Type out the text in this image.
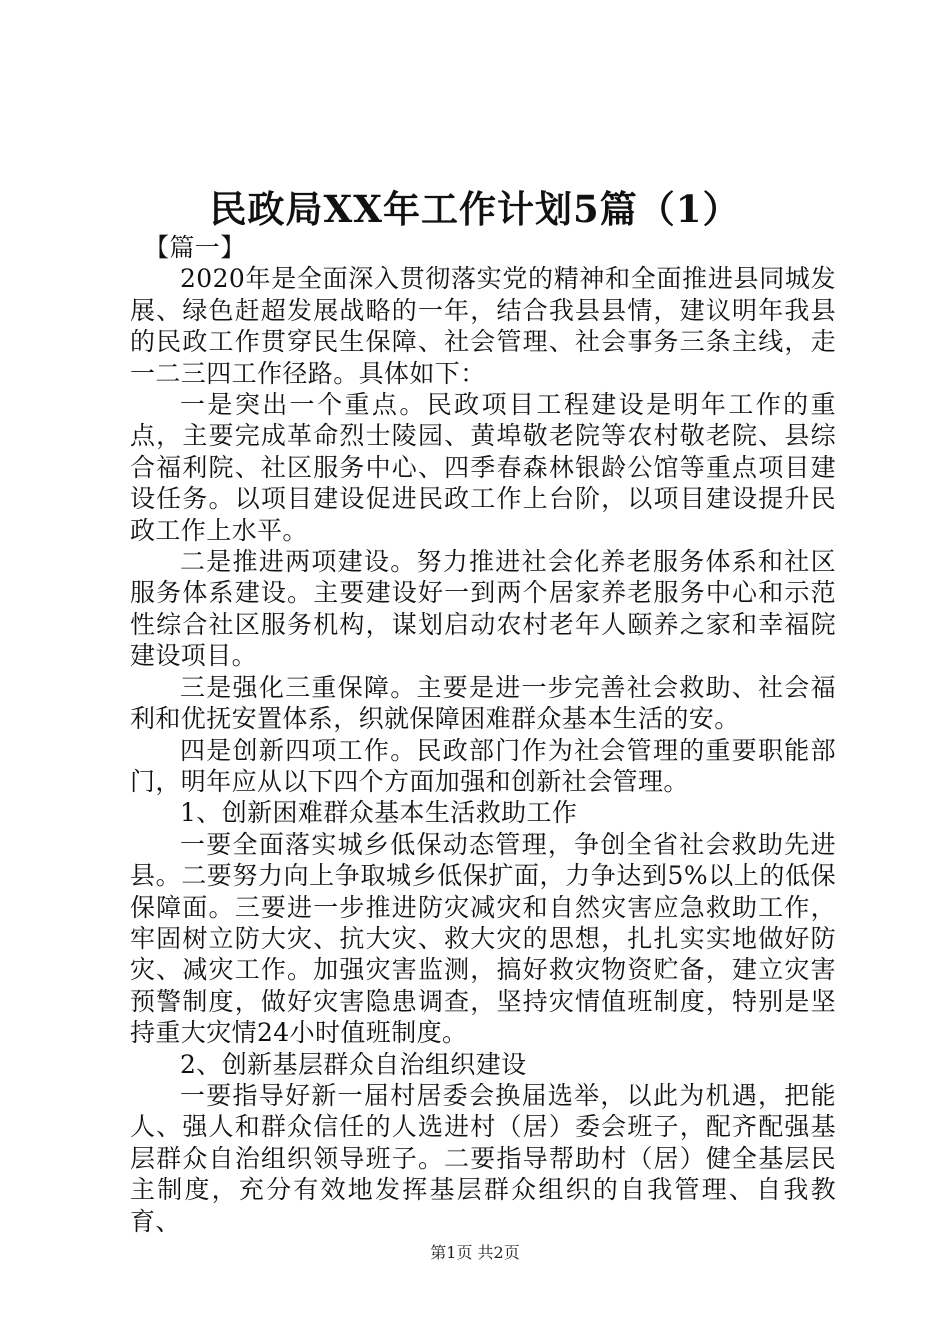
民政局XX年工作计划5篇（1）

【篇一】

2020年是全面深入贯彻落实党的精神和全面推进县同城发展、绿色赶超发展战略的一年，结合我县县情，建议明年我县的民政工作贯穿民生保障、社会管理、社会事务三条主线，走一二三四工作径路。具体如下：

一是突出一个重点。民政项目工程建设是明年工作的重点，主要完成革命烈士陵园、黄埠敬老院等农村敬老院、县综合福利院、社区服务中心、四季春森林银龄公馆等重点项目建设任务。以项目建设促进民政工作上台阶，以项目建设提升民政工作上水平。

二是推进两项建设。努力推进社会化养老服务体系和社区服务体系建设。主要建设好一到两个居家养老服务中心和示范性综合社区服务机构，谋划启动农村老年人颐养之家和幸福院建设项目。

三是强化三重保障。主要是进一步完善社会救助、社会福利和优抚安置体系，织就保障困难群众基本生活的安。

四是创新四项工作。民政部门作为社会管理的重要职能部门，明年应从以下四个方面加强和创新社会管理。

1、创新困难群众基本生活救助工作

一要全面落实城乡低保动态管理，争创全省社会救助先进县。二要努力向上争取城乡低保扩面，力争达到5%以上的低保保障面。三要进一步推进防灾减灾和自然灾害应急救助工作，牢固树立防大灾、抗大灾、救大灾的思想，扎扎实实地做好防灾、减灾工作。加强灾害监测，搞好救灾物资贮备，建立灾害预警制度，做好灾害隐患调查，坚持灾情值班制度，特别是坚持重大灾情24小时值班制度。

2、创新基层群众自治组织建设

一要指导好新一届村居委会换届选举，以此为机遇，把能人、强人和群众信任的人选进村（居）委会班子，配齐配强基层群众自治组织领导班子。二要指导帮助村（居）健全基层民主制度，充分有效地发挥基层群众组织的自我管理、自我教育、

第1页 共2页
